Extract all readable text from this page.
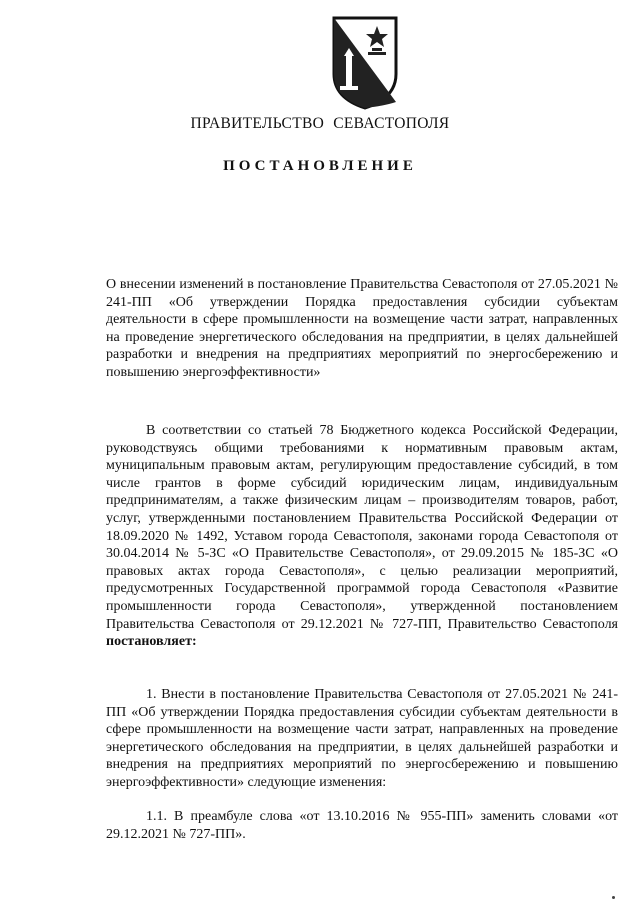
ПРАВИТЕЛЬСТВО СЕВАСТОПОЛЯ
ПОСТАНОВЛЕНИЕ
О внесении изменений в постановление Правительства Севастополя от 27.05.2021 № 241-ПП «Об утверждении Порядка предоставления субсидии субъектам деятельности в сфере промышленности на возмещение части затрат, направленных на проведение энергетического обследования на предприятии, в целях дальнейшей разработки и внедрения на предприятиях мероприятий по энергосбережению и повышению энергоэффективности»
В соответствии со статьей 78 Бюджетного кодекса Российской Федерации, руководствуясь общими требованиями к нормативным правовым актам, муниципальным правовым актам, регулирующим предоставление субсидий, в том числе грантов в форме субсидий юридическим лицам, индивидуальным предпринимателям, а также физическим лицам – производителям товаров, работ, услуг, утвержденными постановлением Правительства Российской Федерации от 18.09.2020 № 1492, Уставом города Севастополя, законами города Севастополя от 30.04.2014 № 5-ЗС «О Правительстве Севастополя», от 29.09.2015 № 185-ЗС «О правовых актах города Севастополя», с целью реализации мероприятий, предусмотренных Государственной программой города Севастополя «Развитие промышленности города Севастополя», утвержденной постановлением Правительства Севастополя от 29.12.2021 № 727-ПП, Правительство Севастополя постановляет:
1. Внести в постановление Правительства Севастополя от 27.05.2021 № 241-ПП «Об утверждении Порядка предоставления субсидии субъектам деятельности в сфере промышленности на возмещение части затрат, направленных на проведение энергетического обследования на предприятии, в целях дальнейшей разработки и внедрения на предприятиях мероприятий по энергосбережению и повышению энергоэффективности» следующие изменения:
1.1. В преамбуле слова «от 13.10.2016 № 955-ПП» заменить словами «от 29.12.2021 № 727-ПП».
